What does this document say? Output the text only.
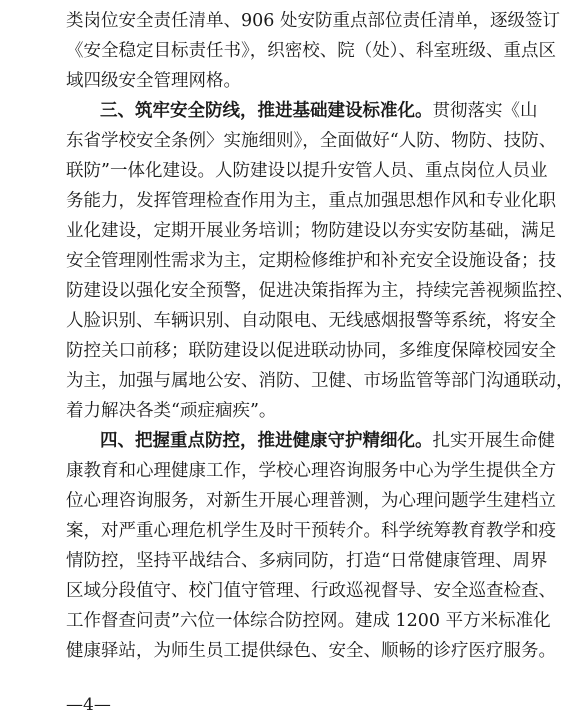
类岗位安全责任清单、906 处安防重点部位责任清单，逐级签订
《安全稳定目标责任书》，织密校、院（处）、科室班级、重点区
域四级安全管理网格。
三、筑牢安全防线，推进基础建设标准化。贯彻落实《山
东省学校安全条例〉实施细则》，全面做好“人防、物防、技防、
联防”一体化建设。人防建设以提升安管人员、重点岗位人员业
务能力，发挥管理检查作用为主，重点加强思想作风和专业化职
业化建设，定期开展业务培训；物防建设以夯实安防基础，满足
安全管理刚性需求为主，定期检修维护和补充安全设施设备；技
防建设以强化安全预警，促进决策指挥为主，持续完善视频监控、
人脸识别、车辆识别、自动限电、无线感烟报警等系统，将安全
防控关口前移；联防建设以促进联动协同，多维度保障校园安全
为主，加强与属地公安、消防、卫健、市场监管等部门沟通联动，
着力解决各类“顽症痼疾”。
四、把握重点防控，推进健康守护精细化。扎实开展生命健
康教育和心理健康工作，学校心理咨询服务中心为学生提供全方
位心理咨询服务，对新生开展心理普测，为心理问题学生建档立
案，对严重心理危机学生及时干预转介。科学统筹教育教学和疫
情防控，坚持平战结合、多病同防，打造“日常健康管理、周界
区域分段值守、校门值守管理、行政巡视督导、安全巡查检查、
工作督查问责”六位一体综合防控网。建成 1200 平方米标准化
健康驿站，为师生员工提供绿色、安全、顺畅的诊疗医疗服务。
—4—
